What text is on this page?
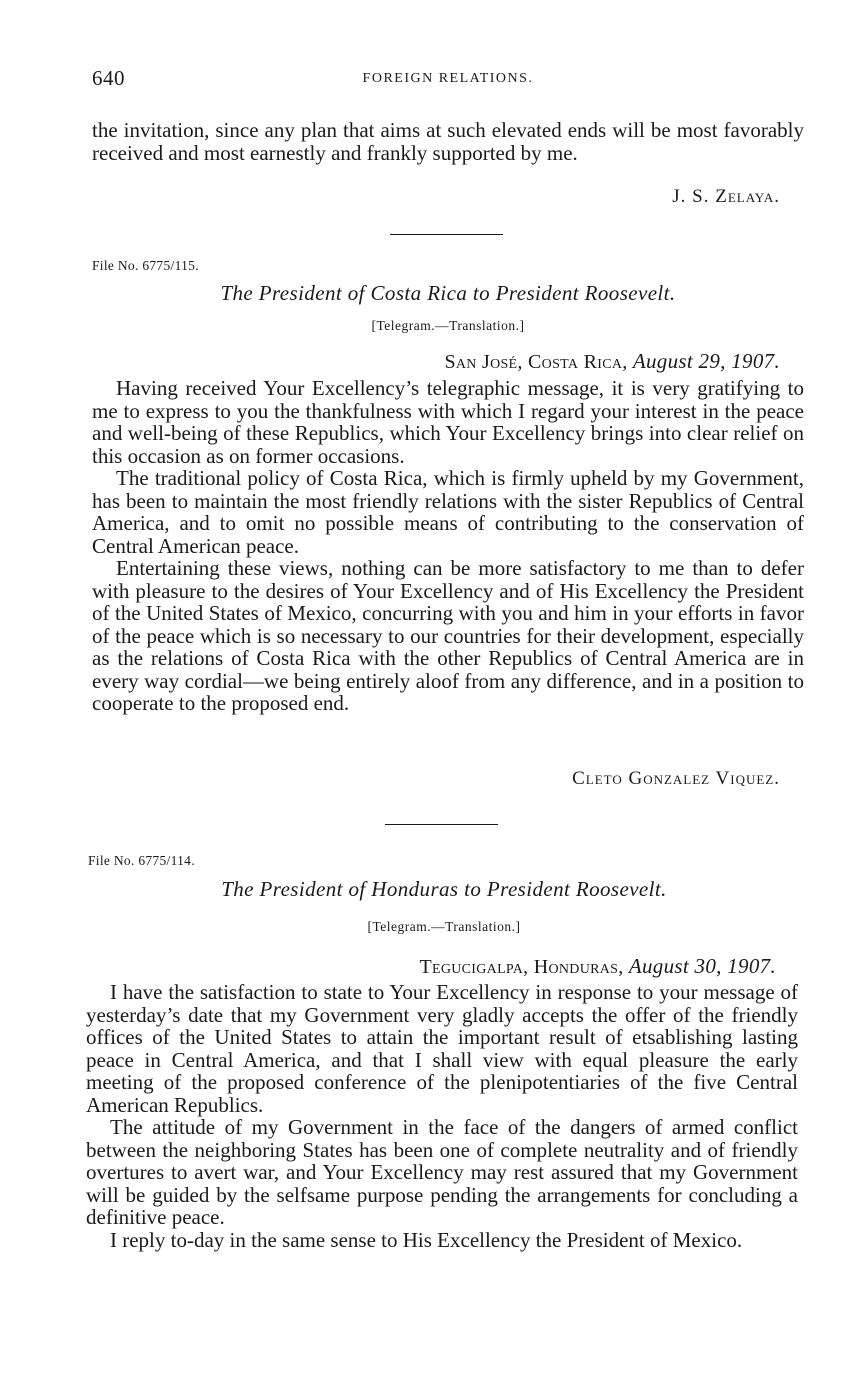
640	FOREIGN RELATIONS.

the invitation, since any plan that aims at such elevated ends will be most favorably received and most earnestly and frankly supported by me.

J. S. Zelaya.
File No. 6775/115.
The President of Costa Rica to President Roosevelt.
[Telegram.—Translation.]
San José, Costa Rica, August 29, 1907.

Having received Your Excellency’s telegraphic message, it is very gratifying to me to express to you the thankfulness with which I regard your interest in the peace and well-being of these Republics, which Your Excellency brings into clear relief on this occasion as on former occasions.

The traditional policy of Costa Rica, which is firmly upheld by my Government, has been to maintain the most friendly relations with the sister Republics of Central America, and to omit no possible means of contributing to the conservation of Central American peace.

Entertaining these views, nothing can be more satisfactory to me than to defer with pleasure to the desires of Your Excellency and of His Excellency the President of the United States of Mexico, concurring with you and him in your efforts in favor of the peace which is so necessary to our countries for their development, especially as the relations of Costa Rica with the other Republics of Central America are in every way cordial—we being entirely aloof from any difference, and in a position to cooperate to the proposed end.

Cleto Gonzalez Viquez.
File No. 6775/114.
The President of Honduras to President Roosevelt.
[Telegram.—Translation.]
Tegucigalpa, Honduras, August 30, 1907.

I have the satisfaction to state to Your Excellency in response to your message of yesterday’s date that my Government very gladly accepts the offer of the friendly offices of the United States to attain the important result of etsablishing lasting peace in Central America, and that I shall view with equal pleasure the early meeting of the proposed conference of the plenipotentiaries of the five Central American Republics.

The attitude of my Government in the face of the dangers of armed conflict between the neighboring States has been one of complete neutrality and of friendly overtures to avert war, and Your Excellency may rest assured that my Government will be guided by the selfsame purpose pending the arrangements for concluding a definitive peace.

I reply to-day in the same sense to His Excellency the President of Mexico.
